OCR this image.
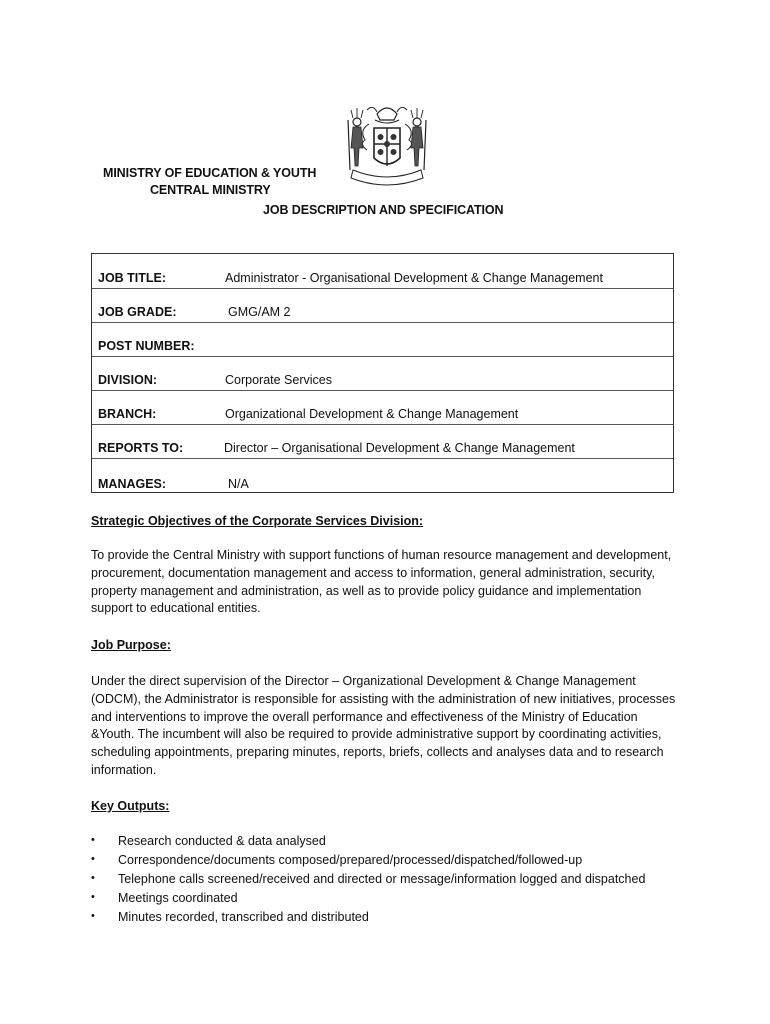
MINISTRY OF EDUCATION & YOUTH
CENTRAL MINISTRY
JOB DESCRIPTION AND SPECIFICATION
JOB TITLE:	Administrator - Organisational Development & Change Management
JOB GRADE:	GMG/AM 2
POST NUMBER:
DIVISION:	Corporate Services
BRANCH:	Organizational Development & Change Management
REPORTS TO:	Director – Organisational Development & Change Management
MANAGES:	N/A
Strategic Objectives of the Corporate Services Division:

To provide the Central Ministry with support functions of human resource management and development,
procurement, documentation management and access to information, general administration, security,
property management and administration, as well as to provide policy guidance and implementation
support to educational entities.

Job Purpose:

Under the direct supervision of the Director – Organizational Development & Change Management
(ODCM), the Administrator is responsible for assisting with the administration of new initiatives, processes
and interventions to improve the overall performance and effectiveness of the Ministry of Education
&Youth. The incumbent will also be required to provide administrative support by coordinating activities,
scheduling appointments, preparing minutes, reports, briefs, collects and analyses data and to research
information.

Key Outputs:
• Research conducted & data analysed
• Correspondence/documents composed/prepared/processed/dispatched/followed-up
• Telephone calls screened/received and directed or message/information logged and dispatched
• Meetings coordinated
• Minutes recorded, transcribed and distributed
